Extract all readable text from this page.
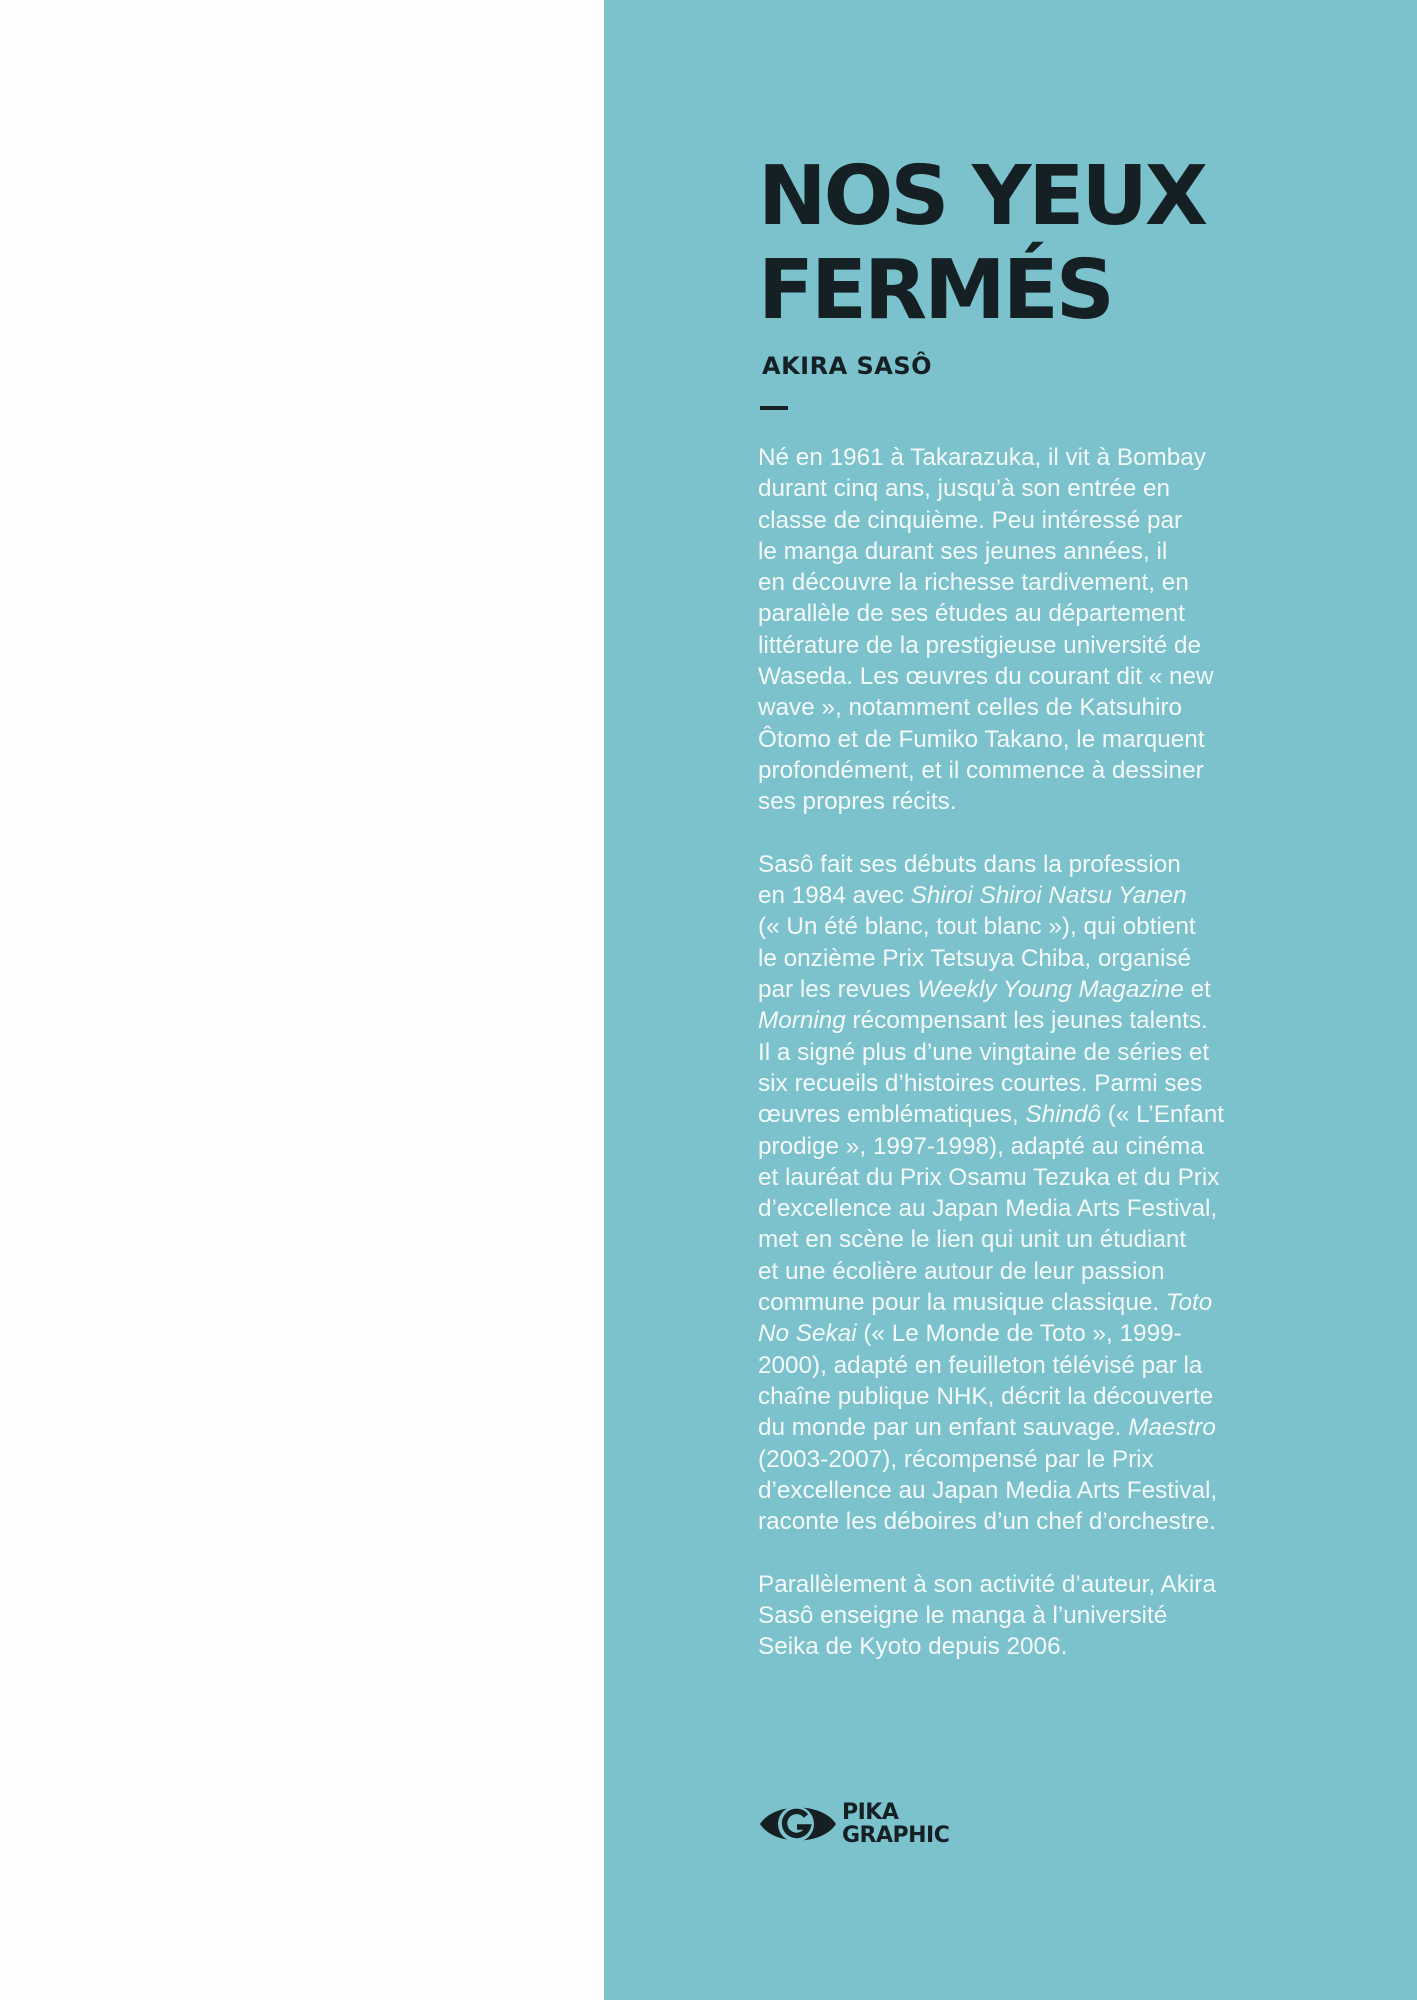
NOS YEUX
FERMÉS
AKIRA SASÔ

Né en 1961 à Takarazuka, il vit à Bombay
durant cinq ans, jusqu’à son entrée en
classe de cinquième. Peu intéressé par
le manga durant ses jeunes années, il
en découvre la richesse tardivement, en
parallèle de ses études au département
littérature de la prestigieuse université de
Waseda. Les œuvres du courant dit « new
wave », notamment celles de Katsuhiro
Ôtomo et de Fumiko Takano, le marquent
profondément, et il commence à dessiner
ses propres récits.

Sasô fait ses débuts dans la profession
en 1984 avec Shiroi Shiroi Natsu Yanen
(« Un été blanc, tout blanc »), qui obtient
le onzième Prix Tetsuya Chiba, organisé
par les revues Weekly Young Magazine et
Morning récompensant les jeunes talents.
Il a signé plus d’une vingtaine de séries et
six recueils d’histoires courtes. Parmi ses
œuvres emblématiques, Shindô (« L’Enfant
prodige », 1997-1998), adapté au cinéma
et lauréat du Prix Osamu Tezuka et du Prix
d’excellence au Japan Media Arts Festival,
met en scène le lien qui unit un étudiant
et une écolière autour de leur passion
commune pour la musique classique. Toto
No Sekai (« Le Monde de Toto », 1999-
2000), adapté en feuilleton télévisé par la
chaîne publique NHK, décrit la découverte
du monde par un enfant sauvage. Maestro
(2003-2007), récompensé par le Prix
d’excellence au Japan Media Arts Festival,
raconte les déboires d’un chef d’orchestre.

Parallèlement à son activité d’auteur, Akira
Sasô enseigne le manga à l’université
Seika de Kyoto depuis 2006.

PIKA
GRAPHIC
